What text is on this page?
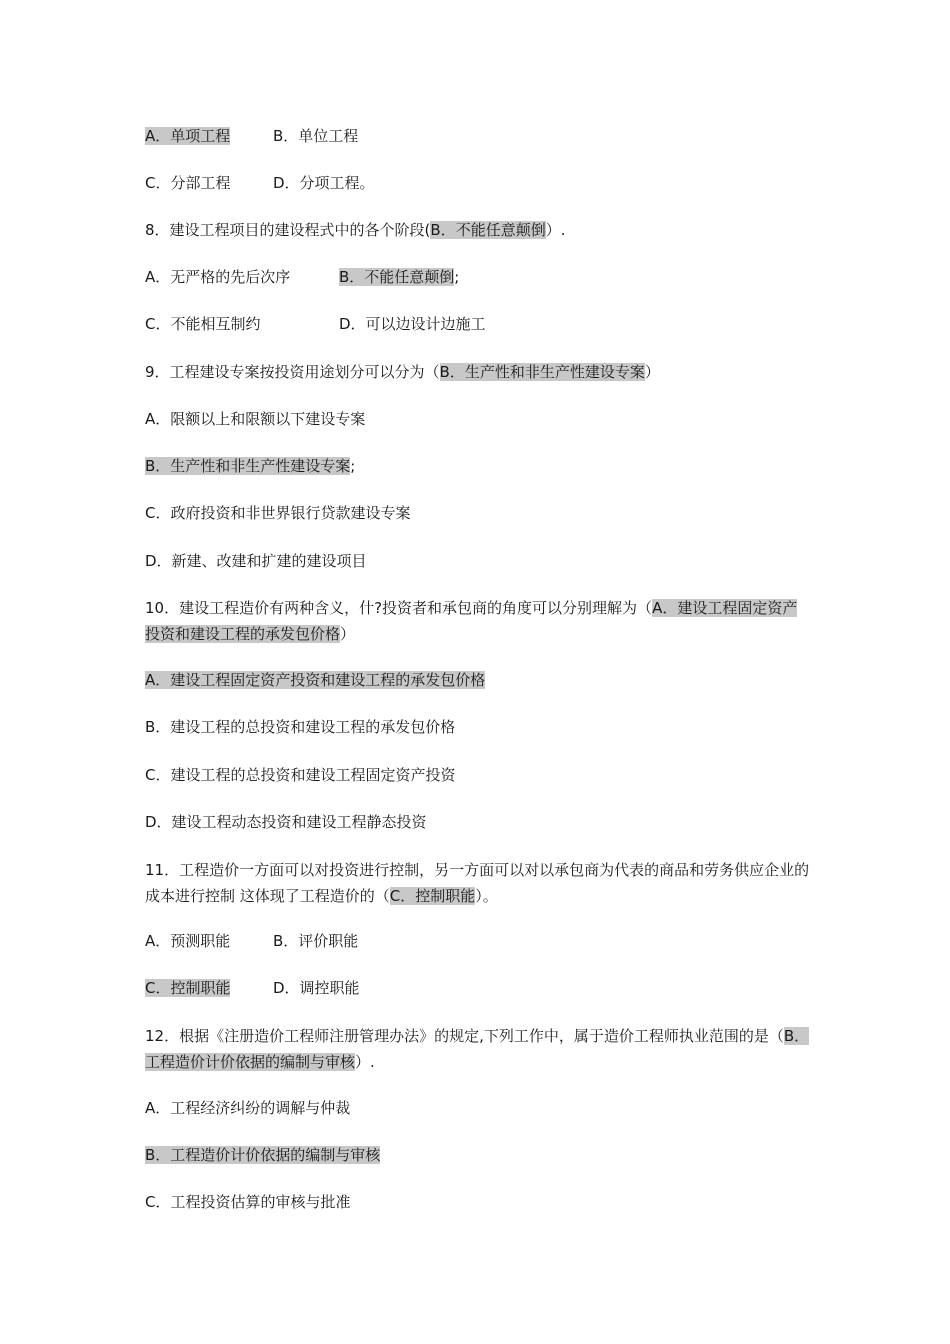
A．单项工程	B．单位工程
C．分部工程	D．分项工程。
8．建设工程项目的建设程式中的各个阶段(B．不能任意颠倒）.
A．无严格的先后次序	B．不能任意颠倒;
C．不能相互制约	D．可以边设计边施工
9．工程建设专案按投资用途划分可以分为（B．生产性和非生产性建设专案）
A．限额以上和限额以下建设专案
B．生产性和非生产性建设专案;
C．政府投资和非世界银行贷款建设专案
D．新建、改建和扩建的建设项目
10．建设工程造价有两种含义，什?投资者和承包商的角度可以分别理解为（A．建设工程固定资产投资和建设工程的承发包价格）
A．建设工程固定资产投资和建设工程的承发包价格
B．建设工程的总投资和建设工程的承发包价格
C．建设工程的总投资和建设工程固定资产投资
D．建设工程动态投资和建设工程静态投资
11．工程造价一方面可以对投资进行控制，另一方面可以对以承包商为代表的商品和劳务供应企业的成本进行控制 这体现了工程造价的（C．控制职能）。
A．预测职能	B．评价职能
C．控制职能	D．调控职能
12．根据《注册造价工程师注册管理办法》的规定,下列工作中，属于造价工程师执业范围的是（B．工程造价计价依据的编制与审核）.
A．工程经济纠纷的调解与仲裁
B．工程造价计价依据的编制与审核
C．工程投资估算的审核与批准
